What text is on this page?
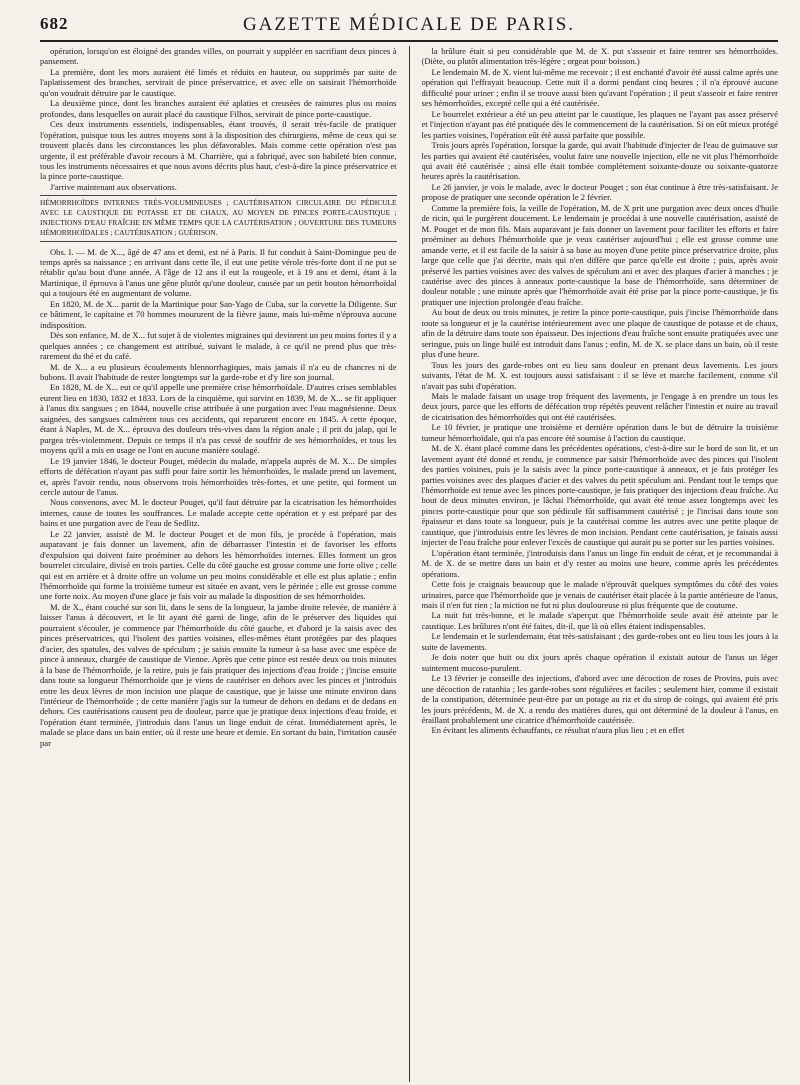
682	GAZETTE MÉDICALE DE PARIS.

opération, lorsqu'on est éloigné des grandes villes, on pourrait y suppléer en sacrifiant deux pinces à pansement.

La première, dont les mors auraient été limés et réduits en hauteur, ou supprimés par suite de l'aplatissement des branches, servirait de pince préservatrice, et avec elle on saisirait l'hémorrhoïde qu'on voudrait détruire par le caustique.

La deuxième pince, dont les branches auraient été aplaties et creusées de rainures plus ou moins profondes, dans lesquelles on aurait placé du caustique Filhos, servirait de pince porte-caustique.

Ces deux instruments essentiels, indispensables, étant trouvés, il serait très-facile de pratiquer l'opération, puisque tous les autres moyens sont à la disposition des chirurgiens, même de ceux qui se trouvent placés dans les circonstances les plus défavorables. Mais comme cette opération n'est pas urgente, il est préférable d'avoir recours à M. Charrière, qui a fabriqué, avec son habileté bien connue, tous les instruments nécessaires et que nous avons décrits plus haut, c'est-à-dire la pince préservatrice et la pince porte-caustique.

J'arrive maintenant aux observations.

HÉMORRHOÏDES INTERNES TRÈS-VOLUMINEUSES ; CAUTÉRISATION CIRCULAIRE DU PÉDICULE AVEC LE CAUSTIQUE DE POTASSE ET DE CHAUX, AU MOYEN DE PINCES PORTE-CAUSTIQUE ; INJECTIONS D'EAU FRAÎCHE EN MÊME TEMPS QUE LA CAUTÉRISATION ; OUVERTURE DES TUMEURS HÉMORRHOÏDALES ; CAUTÉRISATION ; GUÉRISON.

Obs. I. — M. de X..., âgé de 47 ans et demi, est né à Paris. Il fut conduit à Saint-Domingue peu de temps après sa naissance ; en arrivant dans cette île, il eut une petite vérole très-forte dont il ne put se rétablir qu'au bout d'une année. A l'âge de 12 ans il eut la rougeole, et à 19 ans et demi, étant à la Martinique, il éprouva à l'anus une gêne plutôt qu'une douleur, causée par un petit bouton hémorrhoïdal qui a toujours été en augmentant de volume.

En 1820, M. de X... partit de la Martinique pour San-Yago de Cuba, sur la corvette la Diligente. Sur ce bâtiment, le capitaine et 70 hommes moururent de la fièvre jaune, mais lui-même n'éprouva aucune indisposition.

Dès son enfance, M. de X... fut sujet à de violentes migraines qui devinrent un peu moins fortes il y a quelques années ; ce changement est attribué, suivant le malade, à ce qu'il ne prend plus que très-rarement du thé et du café.

M. de X... a eu plusieurs écoulements blennorrhagiques, mais jamais il n'a eu de chancres ni de bubons. Il avait l'habitude de rester longtemps sur la garde-robe et d'y lire son journal.

En 1828, M. de X... eut ce qu'il appelle une première crise hémorrhoïdale. D'autres crises semblables eurent lieu en 1830, 1832 et 1833. Lors de la cinquième, qui survint en 1839, M. de X... se fit appliquer à l'anus dix sangsues ; en 1844, nouvelle crise attribuée à une purgation avec l'eau magnésienne. Deux saignées, des sangsues calmèrent tous ces accidents, qui reparurent encore en 1845. A cette époque, étant à Naples, M. de X... éprouva des douleurs très-vives dans la région anale ; il prit du jalap, qui le purgea très-violemment. Depuis ce temps il n'a pas cessé de souffrir de ses hémorrhoïdes, et tous les moyens qu'il a mis en usage ne l'ont en aucune manière soulagé.

Le 19 janvier 1846, le docteur Pouget, médecin du malade, m'appela auprès de M. X... De simples efforts de défécation n'ayant pas suffi pour faire sortir les hémorrhoïdes, le malade prend un lavement, et, après l'avoir rendu, nous observons trois hémorrhoïdes très-fortes, et une petite, qui forment un cercle autour de l'anus.

Nous convenons, avec M. le docteur Pouget, qu'il faut détruire par la cicatrisation les hémorrhoïdes internes, cause de toutes les souffrances. Le malade accepte cette opération et y est préparé par des bains et une purgation avec de l'eau de Sedlitz.

Le 22 janvier, assisté de M. le docteur Pouget et de mon fils, je procède à l'opération, mais auparavant je fais donner un lavement, afin de débarrasser l'intestin et de favoriser les efforts d'expulsion qui doivent faire proéminer au dehors les hémorrhoïdes internes. Elles forment un gros bourrelet circulaire, divisé en trois parties. Celle du côté gauche est grosse comme une forte olive ; celle qui est en arrière et à droite offre un volume un peu moins considérable et elle est plus aplatie ; enfin l'hémorrhoïde qui forme la troisième tumeur est située en avant, vers le périnée ; elle est grosse comme une forte noix. Au moyen d'une glace je fais voir au malade la disposition de ses hémorrhoïdes.

M. de X., étant couché sur son lit, dans le sens de la longueur, la jambe droite relevée, de manière à laisser l'anus à découvert, et le lit ayant été garni de linge, afin de le préserver des liquides qui pourraient s'écouler, je commence par l'hémorrhoïde du côté gauche, et d'abord je la saisis avec des pinces préservatrices, qui l'isolent des parties voisines, elles-mêmes étant protégées par des plaques d'acier, des spatules, des valves de spéculum ; je saisis ensuite la tumeur à sa base avec une espèce de pince à anneaux, chargée de caustique de Vienne. Après que cette pince est restée deux ou trois minutes à la base de l'hémorrhoïde, je la retire, puis je fais pratiquer des injections d'eau froide ; j'incise ensuite dans toute sa longueur l'hémorrhoïde que je viens de cautériser en dehors avec les pinces et j'introduis entre les deux lèvres de mon incision une plaque de caustique, que je laisse une minute environ dans l'intérieur de l'hémorrhoïde ; de cette manière j'agis sur la tumeur de dehors en dedans et de dedans en dehors. Ces cautérisations causent peu de douleur, parce que je pratique deux injections d'eau froide, et l'opération étant terminée, j'introduis dans l'anus un linge enduit de cérat. Immédiatement après, le malade se place dans un bain entier, où il reste une heure et demie. En sortant du bain, l'irritation causée par

la brûlure était si peu considérable que M. de X. put s'asseoir et faire rentrer ses hémorrhoïdes. (Diète, ou plutôt alimentation très-légère ; orgeat pour boisson.)

Le lendemain M. de X. vient lui-même me recevoir ; il est enchanté d'avoir été aussi calme après une opération qui l'effrayait beaucoup. Cette nuit il a dormi pendant cinq heures ; il n'a éprouvé aucune difficulté pour uriner ; enfin il se trouve aussi bien qu'avant l'opération ; il peut s'asseoir et faire rentrer ses hémorrhoïdes, excepté celle qui a été cautérisée.

Le bourrelet extérieur a été un peu atteint par le caustique, les plaques ne l'ayant pas assez préservé et l'injection n'ayant pas été pratiquée dès le commencement de la cautérisation. Si on eût mieux protégé les parties voisines, l'opération eût été aussi parfaite que possible.

Trois jours après l'opération, lorsque la garde, qui avait l'habitude d'injecter de l'eau de guimauve sur les parties qui avaient été cautérisées, voulut faire une nouvelle injection, elle ne vit plus l'hémorrhoïde qui avait été cautérisée ; ainsi elle était tombée complétement soixante-douze ou soixante-quatorze heures après la cautérisation.

Le 26 janvier, je vois le malade, avec le docteur Pouget ; son état continue à être très-satisfaisant. Je propose de pratiquer une seconde opération le 2 février.

Comme la première fois, la veille de l'opération, M. de X prit une purgation avec deux onces d'huile de ricin, qui le purgèrent doucement. Le lendemain je procédai à une nouvelle cautérisation, assisté de M. Pouget et de mon fils. Mais auparavant je fais donner un lavement pour faciliter les efforts et faire proéminer au dehors l'hémorrhoïde que je veux cautériser aujourd'hui ; elle est grosse comme une amande verte, et il est facile de la saisir à sa base au moyen d'une petite pince préservatrice droite, plus large que celle que j'ai décrite, mais qui n'en diffère que parce qu'elle est droite ; puis, après avoir préservé les parties voisines avec des valves de spéculum ani et avec des plaques d'acier à manches ; je cautérise avec des pinces à anneaux porte-caustique la base de l'hémorrhoïde, sans déterminer de douleur notable ; une minute après que l'hémorrhoïde avait été prise par la pince porte-caustique, je fis pratiquer une injection prolongée d'eau fraîche.

Au bout de deux ou trois minutes, je retire la pince porte-caustique, puis j'incise l'hémorrhoïde dans toute sa longueur et je la cautérise intérieurement avec une plaque de caustique de potasse et de chaux, afin de la détruire dans toute son épaisseur. Des injections d'eau fraîche sont ensuite pratiquées avec une seringue, puis un linge huilé est introduit dans l'anus ; enfin, M. de X. se place dans un bain, où il reste plus d'une heure.

Tous les jours des garde-robes ont eu lieu sans douleur en prenant deux lavements. Les jours suivants, l'état de M. X. est toujours aussi satisfaisant : il se lève et marche facilement, comme s'il n'avait pas subi d'opération.

Mais le malade faisant un usage trop fréquent des lavements, je l'engage à en prendre un tous les deux jours, parce que les efforts de défécation trop répétés peuvent relâcher l'intestin et nuire au travail de cicatrisation des hémorrhoïdes qui ont été cautérisées.

Le 10 février, je pratique une troisième et dernière opération dans le but de détruire la troisième tumeur hémorrhoïdale, qui n'a pas encore été soumise à l'action du caustique.

M. de X. étant placé comme dans les précédentes opérations, c'est-à-dire sur le bord de son lit, et un lavement ayant été donné et rendu, je commence par saisir l'hémorrhoïde avec des pinces qui l'isolent des parties voisines, puis je la saisis avec la pince porte-caustique à anneaux, et je fais protéger les parties voisines avec des plaques d'acier et des valves du petit spéculum ani. Pendant tout le temps que l'hémorrhoïde est tenue avec les pinces porte-caustique, je fais pratiquer des injections d'eau fraîche. Au bout de deux minutes environ, je lâchai l'hémorrhoïde, qui avait été tenue assez longtemps avec les pinces porte-caustique pour que son pédicule fût suffisamment cautérisé ; je l'incisai dans toute son épaisseur et dans toute sa longueur, puis je la cautérisai comme les autres avec une petite plaque de caustique, que j'introduisis entre les lèvres de mon incision. Pendant cette cautérisation, je faisais aussi injecter de l'eau fraîche pour enlever l'excès de caustique qui aurait pu se porter sur les parties voisines.

L'opération étant terminée, j'introduisis dans l'anus un linge fin enduit de cérat, et je recommandai à M. de X. de se mettre dans un bain et d'y rester au moins une heure, comme après les précédentes opérations.

Cette fois je craignais beaucoup que le malade n'éprouvât quelques symptômes du côté des voies urinaires, parce que l'hémorrhoïde que je venais de cautériser était placée à la partie antérieure de l'anus, mais il n'en fut rien ; la miction ne fut ni plus douloureuse ni plus fréquente que de coutume.

La nuit fut très-bonne, et le malade s'aperçut que l'hémorrhoïde seule avait été atteinte par le caustique. Les brûlures n'ont été faites, dit-il, que là où elles étaient indispensables.

Le lendemain et le surlendemain, état très-satisfaisant ; des garde-robes ont eu lieu tous les jours à la suite de lavements.

Je dois noter que huit ou dix jours après chaque opération il existait autour de l'anus un léger suintement mucoso-purulent.

Le 13 février je conseille des injections, d'abord avec une décoction de roses de Provins, puis avec une décoction de ratanhia ; les garde-robes sont régulières et faciles ; seulement hier, comme il existait de la constipation, déterminée peut-être par un potage au riz et du sirop de coings, qui avaient été pris les jours précédents, M. de X. a rendu des matières dures, qui ont déterminé de la douleur à l'anus, en éraillant probablement une cicatrice d'hémorrhoïde cautérisée.

En évitant les aliments échauffants, ce résultat n'aura plus lieu ; et en effet
